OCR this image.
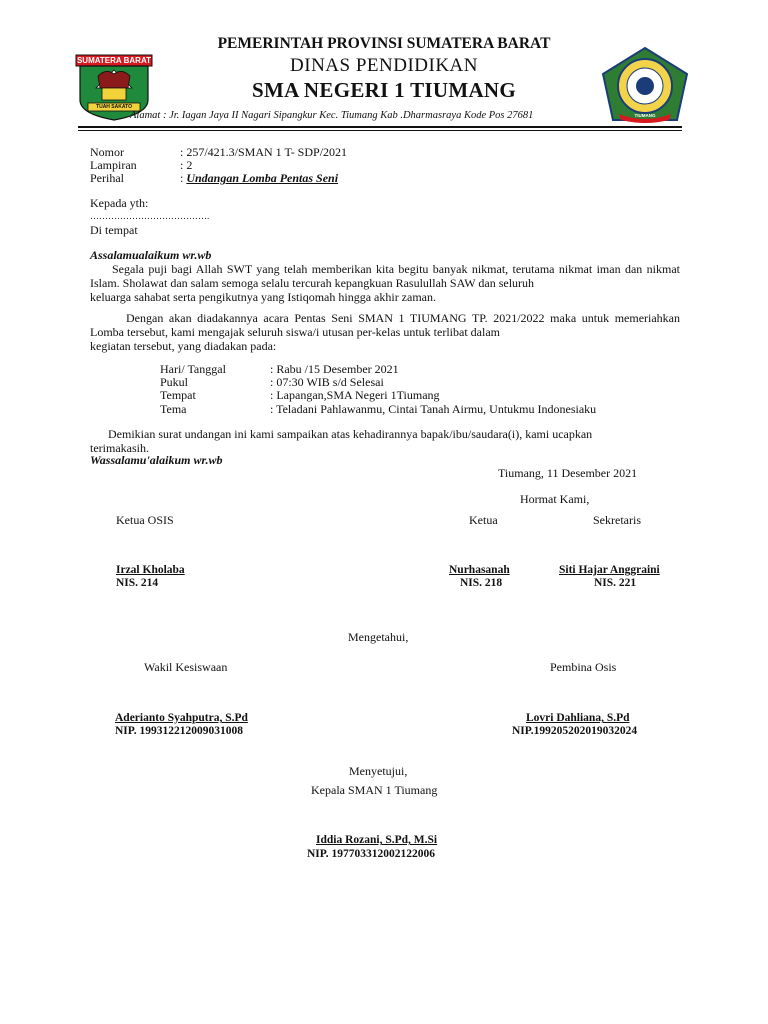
SUMATERA BARAT
TUAH SAKATO
TIUMANG
PEMERINTAH PROVINSI SUMATERA BARAT
DINAS PENDIDIKAN
SMA NEGERI 1 TIUMANG
Alamat : Jr. Iagan Jaya II Nagari Sipangkur Kec. Tiumang Kab .Dharmasraya Kode Pos 27681
Nomor	: 257/421.3/SMAN 1 T- SDP/2021
Lampiran	: 2
Perihal	: Undangan Lomba Pentas Seni
Kepada yth:
………………………………….
Di tempat
Assalamualaikum wr.wb
Segala puji bagi Allah SWT yang telah memberikan kita begitu banyak nikmat, terutama nikmat iman dan nikmat Islam. Sholawat dan salam semoga selalu tercurah kepangkuan Rasulullah SAW dan seluruh
keluarga sahabat serta pengikutnya yang Istiqomah hingga akhir zaman.
Dengan akan diadakannya acara Pentas Seni SMAN 1 TIUMANG TP. 2021/2022 maka untuk memeriahkan Lomba tersebut, kami mengajak seluruh siswa/i utusan per-kelas untuk terlibat dalam
kegiatan tersebut, yang diadakan pada:
Hari/ Tanggal	: Rabu /15 Desember 2021
Pukul	: 07:30 WIB s/d Selesai
Tempat	: Lapangan,SMA Negeri 1Tiumang
Tema	: Teladani Pahlawanmu, Cintai Tanah Airmu, Untukmu Indonesiaku
Demikian surat undangan ini kami sampaikan atas kehadirannya bapak/ibu/saudara(i), kami ucapkan
terimakasih.
Wassalamu'alaikum wr.wb
Tiumang, 11 Desember 2021
Hormat Kami,
Ketua OSIS	Ketua	Sekretaris
Irzal Kholaba
NIS. 214
Nurhasanah
NIS. 218
Siti Hajar Anggraini
NIS. 221
Mengetahui,
Wakil Kesiswaan	Pembina Osis
Aderianto Syahputra, S.Pd
NIP. 199312212009031008
Lovri Dahliana, S.Pd
NIP.199205202019032024
Menyetujui,
Kepala SMAN 1 Tiumang
Iddia Rozani, S.Pd, M.Si
NIP. 197703312002122006
